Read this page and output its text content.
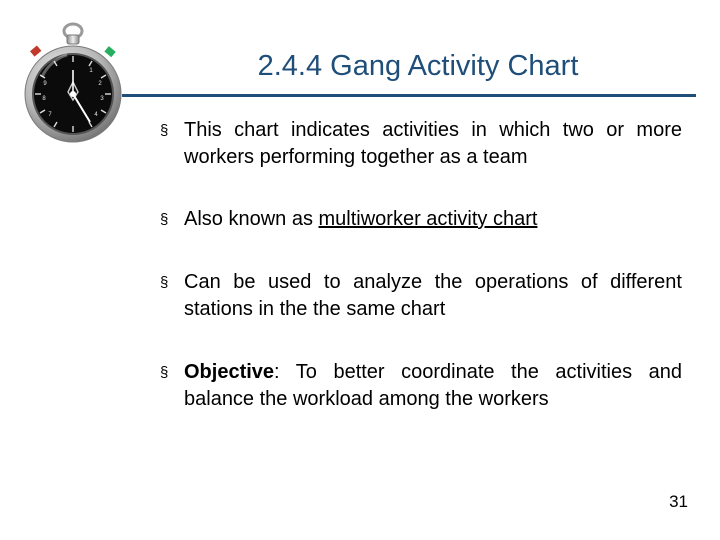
1
2
3
4
7
8
9
2.4.4 Gang Activity Chart
§ This chart indicates activities in which two or more workers performing together as a team
§ Also known as multiworker activity chart
§ Can be used to analyze the operations of different stations in the the same chart
§ Objective: To better coordinate the activities and balance the workload among the workers
31
